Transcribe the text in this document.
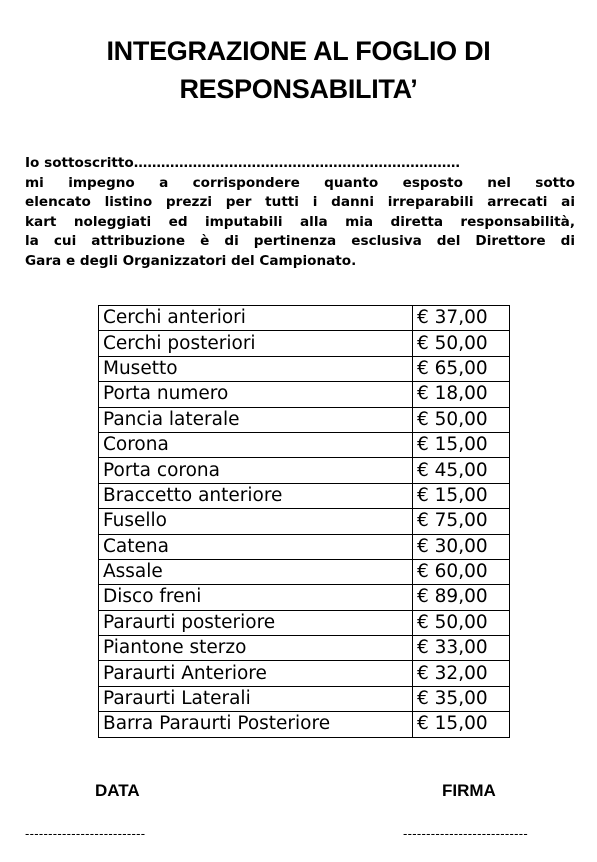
INTEGRAZIONE AL FOGLIO DI
RESPONSABILITA’
Io sottoscritto………………………………………………………………
mi impegno a corrispondere quanto esposto nel sotto
elencato listino prezzi per tutti i danni irreparabili arrecati ai
kart noleggiati ed imputabili alla mia diretta responsabilità,
la cui attribuzione è di pertinenza esclusiva del Direttore di
Gara e degli Organizzatori del Campionato.
Cerchi anteriori	€ 37,00
Cerchi posteriori	€ 50,00
Musetto	€ 65,00
Porta numero	€ 18,00
Pancia laterale	€ 50,00
Corona	€ 15,00
Porta corona	€ 45,00
Braccetto anteriore	€ 15,00
Fusello	€ 75,00
Catena	€ 30,00
Assale	€ 60,00
Disco freni	€ 89,00
Paraurti posteriore	€ 50,00
Piantone sterzo	€ 33,00
Paraurti Anteriore	€ 32,00
Paraurti Laterali	€ 35,00
Barra Paraurti Posteriore	€ 15,00
DATA	FIRMA
--------------------------	---------------------------
